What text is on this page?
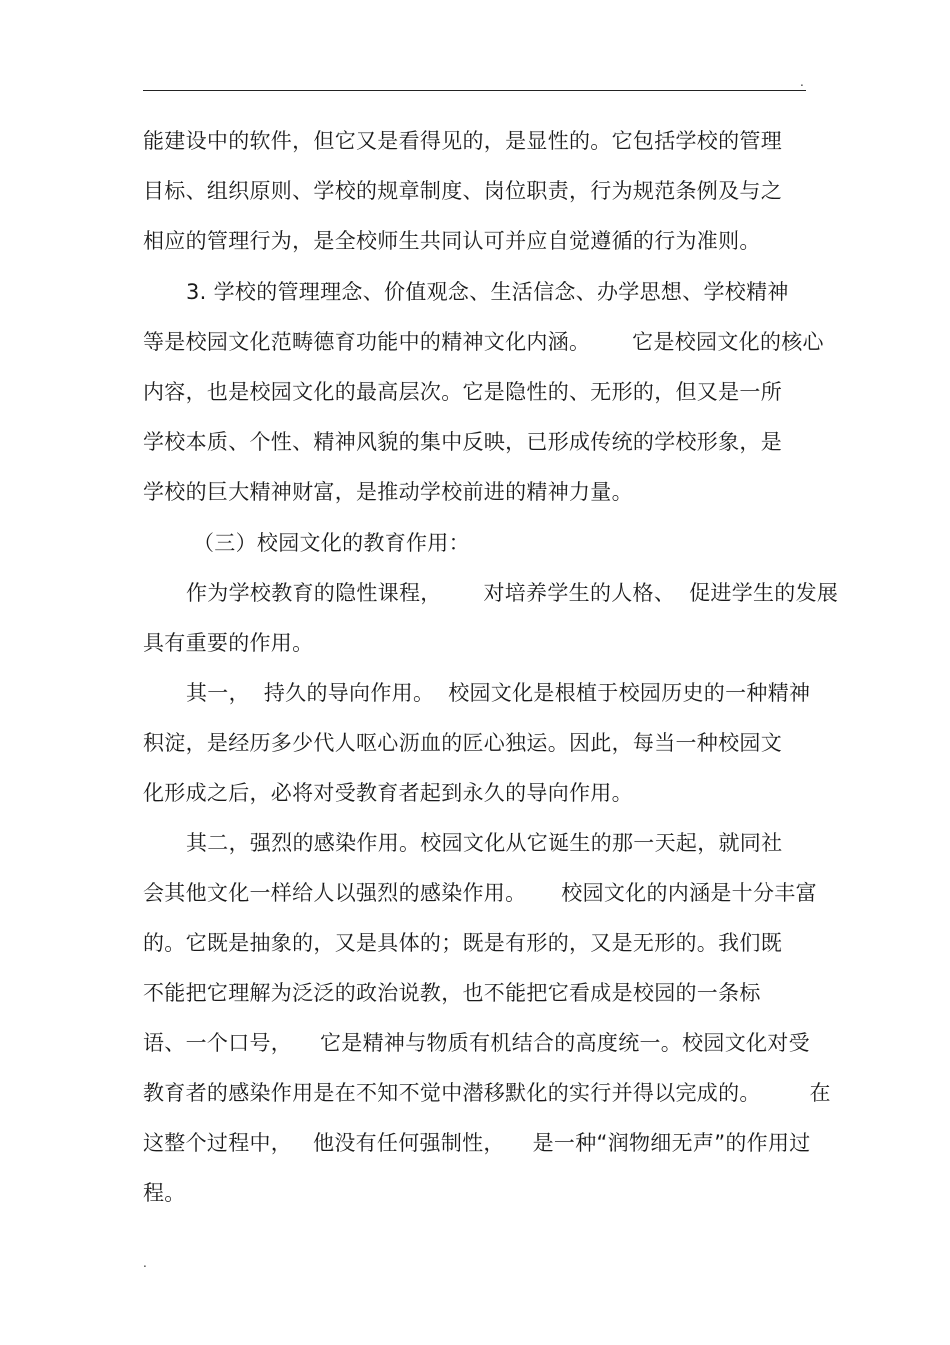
.
能建设中的软件，但它又是看得见的，是显性的。它包括学校的管理
目标、组织原则、学校的规章制度、岗位职责，行为规范条例及与之
相应的管理行为，是全校师生共同认可并应自觉遵循的行为准则。
3. 学校的管理理念、价值观念、生活信念、办学思想、学校精神
等是校园文化范畴德育功能中的精神文化内涵。      它是校园文化的核心
内容，也是校园文化的最高层次。它是隐性的、无形的，但又是一所
学校本质、个性、精神风貌的集中反映，已形成传统的学校形象，是
学校的巨大精神财富，是推动学校前进的精神力量。
（三）校园文化的教育作用：
作为学校教育的隐性课程，      对培养学生的人格、  促进学生的发展
具有重要的作用。
其一，  持久的导向作用。  校园文化是根植于校园历史的一种精神
积淀，是经历多少代人呕心沥血的匠心独运。因此，每当一种校园文
化形成之后，必将对受教育者起到永久的导向作用。
其二，强烈的感染作用。校园文化从它诞生的那一天起，就同社
会其他文化一样给人以强烈的感染作用。     校园文化的内涵是十分丰富
的。它既是抽象的，又是具体的；既是有形的，又是无形的。我们既
不能把它理解为泛泛的政治说教，也不能把它看成是校园的一条标
语、一个口号，    它是精神与物质有机结合的高度统一。校园文化对受
教育者的感染作用是在不知不觉中潜移默化的实行并得以完成的。       在
这整个过程中，   他没有任何强制性，    是一种“润物细无声”的作用过
程。
.
